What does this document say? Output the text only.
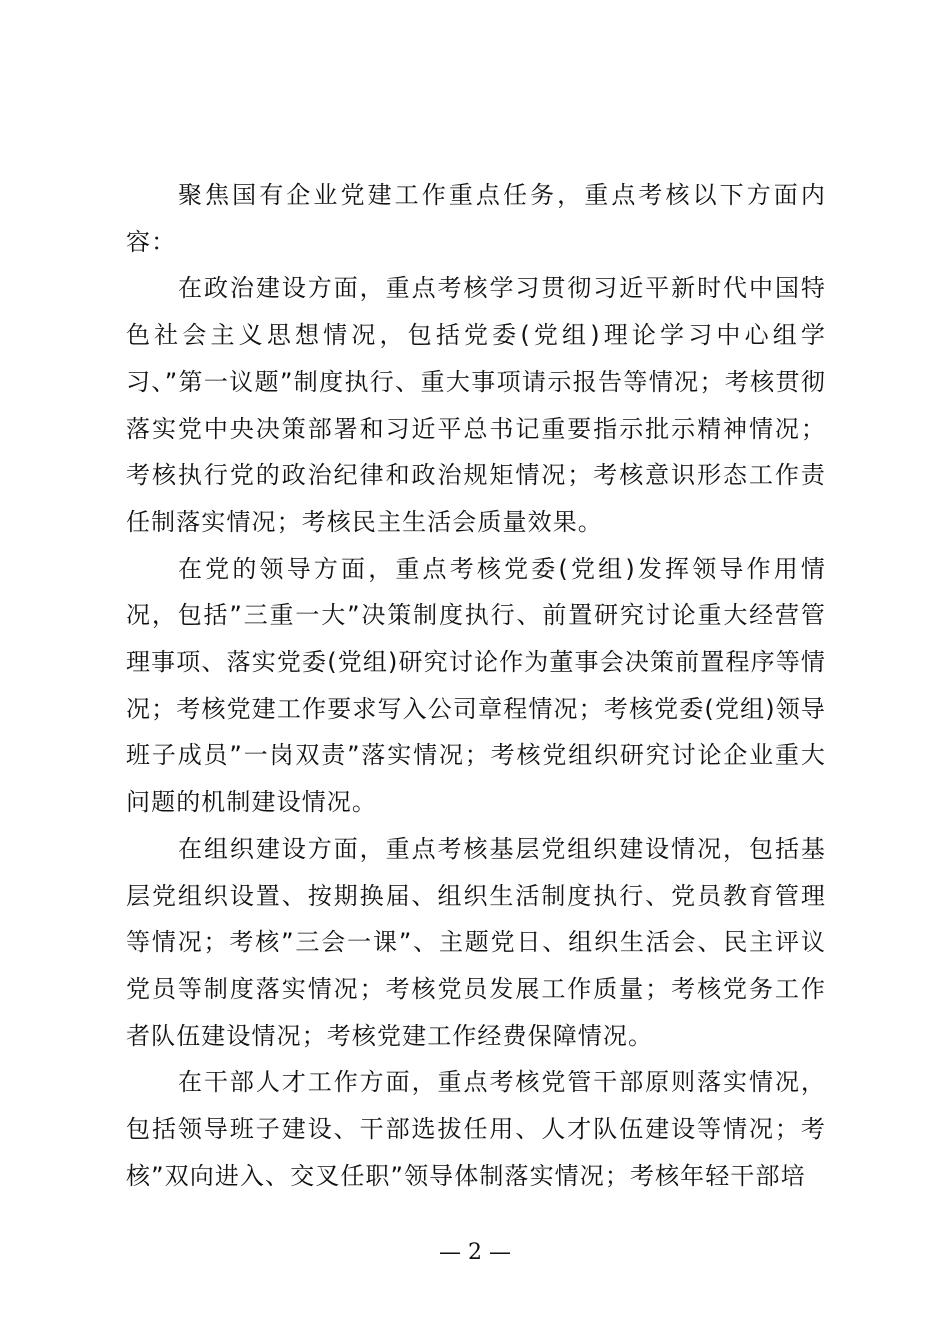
聚焦国有企业党建工作重点任务，重点考核以下方面内容：

在政治建设方面，重点考核学习贯彻习近平新时代中国特色社会主义思想情况，包括党委(党组)理论学习中心组学习、”第一议题”制度执行、重大事项请示报告等情况；考核贯彻落实党中央决策部署和习近平总书记重要指示批示精神情况；考核执行党的政治纪律和政治规矩情况；考核意识形态工作责任制落实情况；考核民主生活会质量效果。

在党的领导方面，重点考核党委(党组)发挥领导作用情况，包括”三重一大”决策制度执行、前置研究讨论重大经营管理事项、落实党委(党组)研究讨论作为董事会决策前置程序等情况；考核党建工作要求写入公司章程情况；考核党委(党组)领导班子成员”一岗双责”落实情况；考核党组织研究讨论企业重大问题的机制建设情况。

在组织建设方面，重点考核基层党组织建设情况，包括基层党组织设置、按期换届、组织生活制度执行、党员教育管理等情况；考核”三会一课”、主题党日、组织生活会、民主评议党员等制度落实情况；考核党员发展工作质量；考核党务工作者队伍建设情况；考核党建工作经费保障情况。

在干部人才工作方面，重点考核党管干部原则落实情况，包括领导班子建设、干部选拔任用、人才队伍建设等情况；考核”双向进入、交叉任职”领导体制落实情况；考核年轻干部培

— 2 —
